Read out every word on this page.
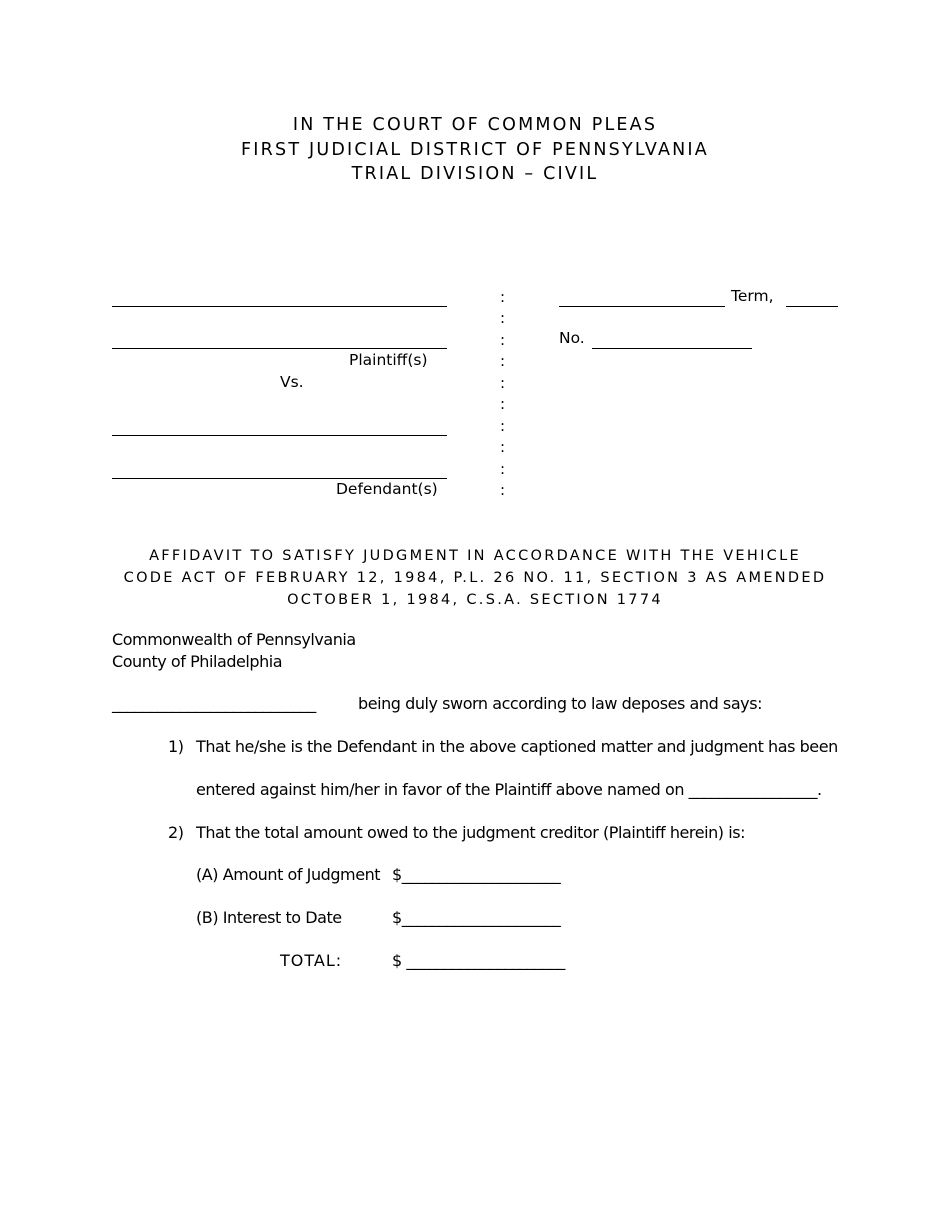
IN THE COURT OF COMMON PLEAS
FIRST JUDICIAL DISTRICT OF PENNSYLVANIA
TRIAL DIVISION – CIVIL
Plaintiff(s)
Vs.
Defendant(s)
:
:
:
:
:
:
:
:
:
:
Term,
No.
AFFIDAVIT TO SATISFY JUDGMENT IN ACCORDANCE WITH THE VEHICLE
CODE ACT OF FEBRUARY 12, 1984, P.L. 26 NO. 11, SECTION 3 AS AMENDED
OCTOBER 1, 1984, C.S.A. SECTION 1774
Commonwealth of Pennsylvania
County of Philadelphia
___________________________	being duly sworn according to law deposes and says:
1) That he/she is the Defendant in the above captioned matter and judgment has been
entered against him/her in favor of the Plaintiff above named on _________________.
2) That the total amount owed to the judgment creditor (Plaintiff herein) is:
(A) Amount of Judgment $_____________________
(B) Interest to Date	$_____________________
TOTAL:	$ _____________________
